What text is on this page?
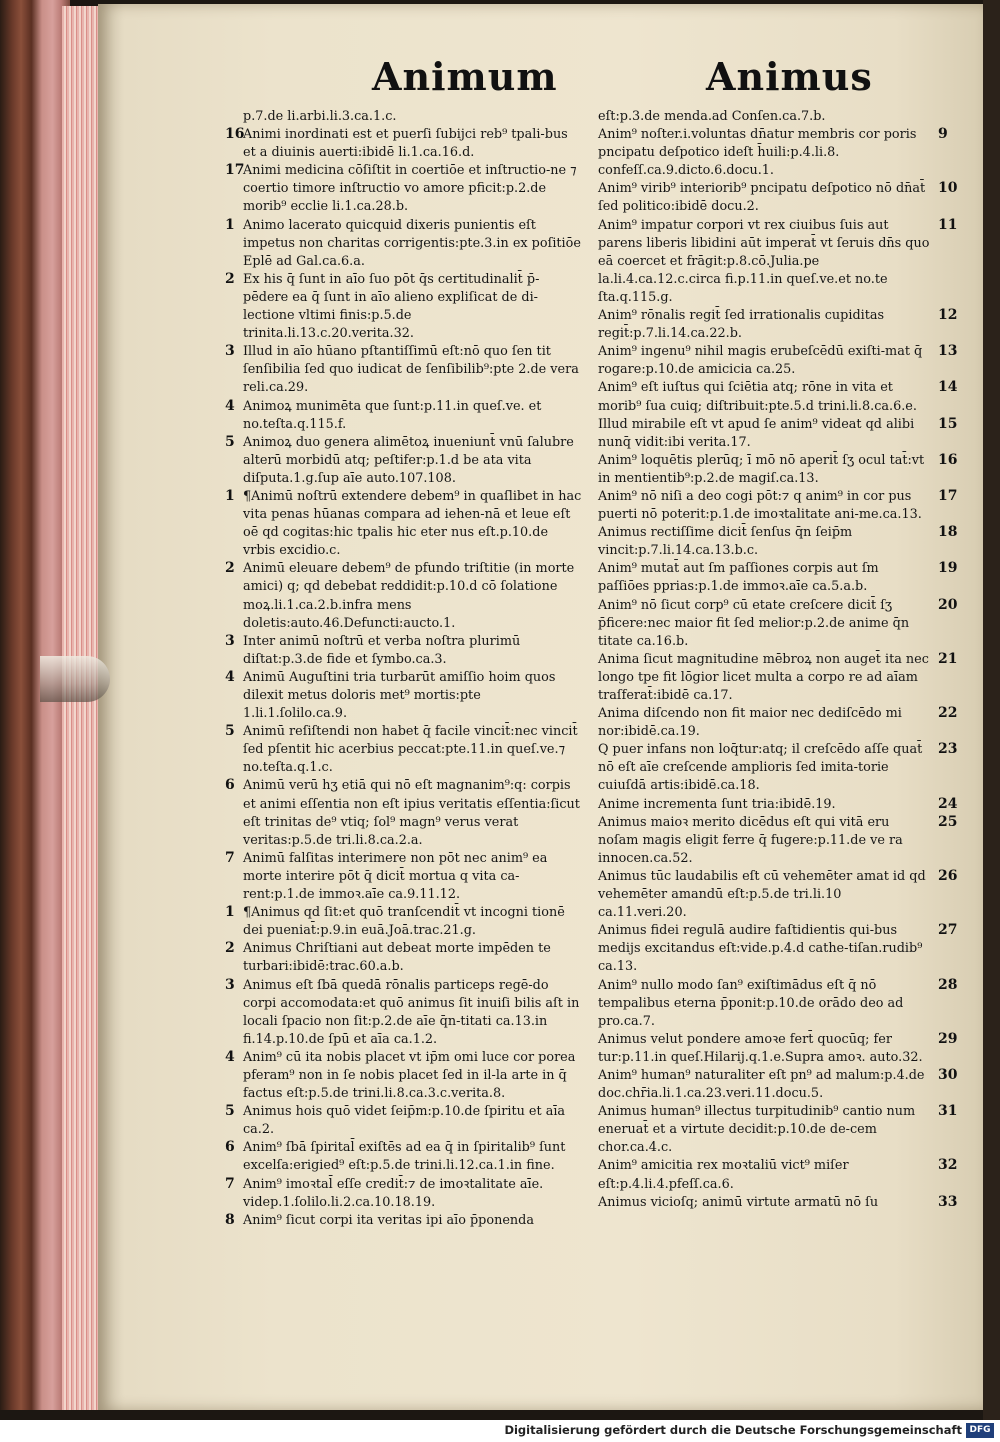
Animum	Animus

p.7.de li.arbi.li.3.ca.1.c.

Animi inordinati est et puerſi ſubijci reb⁹ tpali-bus et a diuinis auerti:ibidē li.1.ca.16.d.

Animi medicina cōſiſtit in coertiōe et inſtructio-ne ⁊ coertio timore inſtructio vo amore pficit:p.2.de morib⁹ ecclie li.1.ca.28.b.

Animo lacerato quicquid dixeris punientis eſt impetus non charitas corrigentis:pte.3.in ex poſitiōe Eplē ad Gal.ca.6.a.

Ex his q̄ ſunt in aīo ſuo pōt q̄s certitudinalit̄ p̄-pēdere ea q̄ ſunt in aīo alieno expliſicat de di-lectione vltimi finis:p.5.de trinita.li.13.c.20.verita.32.

Illud in aīo hūano pſtantiſſimū eſt:nō quo ſen tit ſenſibilia ſed quo iudicat de ſenſibilib⁹:pte 2.de vera reli.ca.29.

Animoꝝ munimēta que ſunt:p.11.in queſ.ve. et no.teſta.q.115.f.

Animoꝝ duo genera alimētoꝝ inueniunt̄ vnū ſalubre alterū morbidū atq; peſtifer:p.1.d be ata vita diſputa.1.g.ſup aīe auto.107.108.

¶Animū noſtrū extendere debem⁹ in quaſlibet in hac vita penas hūanas compara ad iehen-nā et leue eſt oē qd cogitas:hic tpalis hic eter nus eſt.p.10.de vrbis excidio.c.

Animū eleuare debem⁹ de pfundo triſtitie (in morte amici) q; qd debebat reddidit:p.10.d cō ſolatione moꝝ.li.1.ca.2.b.infra mens doletis:auto.46.Defuncti:aucto.1.

Inter animū noſtrū et verba noſtra plurimū diſtat:p.3.de fide et ſymbo.ca.3.

Animū Auguſtini tria turbarūt amiſſio hoim quos dilexit metus doloris met⁹ mortis:pte 1.li.1.ſolilo.ca.9.

Animū reſiſtendi non habet q̄ facile vincit̄:nec vincit̄ ſed pſentit hic acerbius peccat:pte.11.in queſ.ve.⁊ no.teſta.q.1.c.

Animū verū hʒ etiā qui nō eſt magnanim⁹:q: corpis et animi eſſentia non eſt ipius veritatis eſſentia:ſicut eſt trinitas de⁹ vtiq; ſol⁹ magn⁹ verus verat veritas:p.5.de tri.li.8.ca.2.a.

Animū falſitas interimere non pōt nec anim⁹ ea morte interire pōt q̄ dicit̄ mortua q vita ca-rent:p.1.de immoꝛ.aīe ca.9.11.12.

¶Animus qd ſit:et quō tranſcendit̄ vt incogni tionē dei pueniat̄:p.9.in euā.Joā.trac.21.g.

Animus Chriſtiani aut debeat morte impēden te turbari:ibidē:trac.60.a.b.

Animus eſt ſbā quedā rōnalis particeps regē-do corpi accomodata:et quō animus ſit inuiſi bilis aſt in locali ſpacio non ſit:p.2.de aīe q̄n-titati ca.13.in fi.14.p.10.de ſpū et aīa ca.1.2.

Anim⁹ cū ita nobis placet vt ip̄m omi luce cor porea pferam⁹ non in ſe nobis placet ſed in il-la arte in q̄ factus eſt:p.5.de trini.li.8.ca.3.c.verita.8.

Animus hois quō videt ſeip̄m:p.10.de ſpiritu et aīa ca.2.

Anim⁹ ſbā ſpirital̄ exiſtēs ad ea q̄ in ſpiritalib⁹ ſunt excelſa:erigied⁹ eſt:p.5.de trini.li.12.ca.1.in fine.

Anim⁹ imoꝛtal̄ eſſe credit̄:⁊ de imoꝛtalitate aīe. videp.1.ſolilo.li.2.ca.10.18.19.

Anim⁹ ſicut corpi ita veritas ipi aīo p̄ponenda

eſt:p.3.de menda.ad Conſen.ca.7.b.

Anim⁹ noſter.i.voluntas dn̄atur membris cor poris pncipatu deſpotico ideſt h̄uili:p.4.li.8. confeſſ.ca.9.dicto.6.docu.1.

Anim⁹ virib⁹ interiorib⁹ pncipatu deſpotico nō dn̄at̄ ſed politico:ibidē docu.2.

Anim⁹ impatur corpori vt rex ciuibus ſuis aut parens liberis libidini aūt imperat̄ vt ſeruis dn̄s quo eā coercet et frāgit:p.8.cō.Julia.pe la.li.4.ca.12.c.circa fi.p.11.in queſ.ve.et no.te ſta.q.115.g.

Anim⁹ rōnalis regit̄ ſed irrationalis cupiditas regit̄:p.7.li.14.ca.22.b.

Anim⁹ ingenu⁹ nihil magis erubeſcēdū exiſti-mat q̄ rogare:p.10.de amicicia ca.25.

Anim⁹ eſt iuſtus qui ſciētia atq; rōne in vita et morib⁹ ſua cuiq; diſtribuit:pte.5.d trini.li.8.ca.6.e.

Illud mirabile eſt vt apud ſe anim⁹ videat qd alibi nunq̄ vidit:ibi verita.17.

Anim⁹ loquētis plerūq; ī mō nō aperit̄ ſʒ ocul tat̄:vt in mentientib⁹:p.2.de magiſ.ca.13.

Anim⁹ nō niſi a deo cogi pōt:⁊ q anim⁹ in cor pus puerti nō poterit:p.1.de imoꝛtalitate ani-me.ca.13.

Animus rectiſſime dicit̄ ſenſus q̄n ſeip̄m vincit:p.7.li.14.ca.13.b.c.

Anim⁹ mutat̄ aut ſm paſſiones corpis aut ſm paſſiōes pprias:p.1.de immoꝛ.aīe ca.5.a.b.

Anim⁹ nō ſicut corp⁹ cū etate creſcere dicit̄ ſʒ p̄ficere:nec maior fit ſed melior:p.2.de anime q̄n titate ca.16.b.

Anima ſicut magnitudine mēbroꝝ non auget̄ ita nec longo tpe fit lōgior licet multa a corpo re ad aīam traſferat̄:ibidē ca.17.

Anima diſcendo non fit maior nec dediſcēdo mi nor:ibidē.ca.19.

Q puer infans non loq̄tur:atq; il creſcēdo aſſe quat̄ nō eſt aīe creſcende amplioris ſed imita-torie cuiuſdā artis:ibidē.ca.18.

Anime incrementa ſunt tria:ibidē.19.

Animus maioꝛ merito dicēdus eſt qui vitā eru noſam magis eligit ferre q̄ fugere:p.11.de ve ra innocen.ca.52.

Animus tūc laudabilis eſt cū vehemēter amat id qd vehemēter amandū eſt:p.5.de tri.li.10 ca.11.veri.20.

Animus fidei regulā audire faſtidientis qui-bus medijs excitandus eſt:vide.p.4.d cathe-tiſan.rudib⁹ ca.13.

Anim⁹ nullo modo ſan⁹ exiſtimādus eſt q̄ nō tempalibus eterna p̄ponit:p.10.de orādo deo ad pro.ca.7.

Animus velut pondere amoꝛe fert̄ quocūq; fer tur:p.11.in queſ.Hilarij.q.1.e.Supra amoꝛ. auto.32.

Anim⁹ human⁹ naturaliter eſt pn⁹ ad malum:p.4.de doc.chr̄ia.li.1.ca.23.veri.11.docu.5.

Animus human⁹ illectus turpitudinib⁹ cantio num eneruat̄ et a virtute decidit:p.10.de de-cem chor.ca.4.c.

Anim⁹ amicitia rex moꝛtaliū vict⁹ miſer eſt:p.4.li.4.pfeſſ.ca.6.

Animus vicioſq; animū virtute armatū nō ſu

16
17
1
2
3
4
5
1
2
3
4
5
6
7
1
2
3
4
5
6
7
8
9
10
11
12
13
14
15
16
17
18
19
20
21
22
23
24
25
26
27
28
29
30
31
32
33
Digitalisierung gefördert durch die Deutsche Forschungsgemeinschaft DFG
